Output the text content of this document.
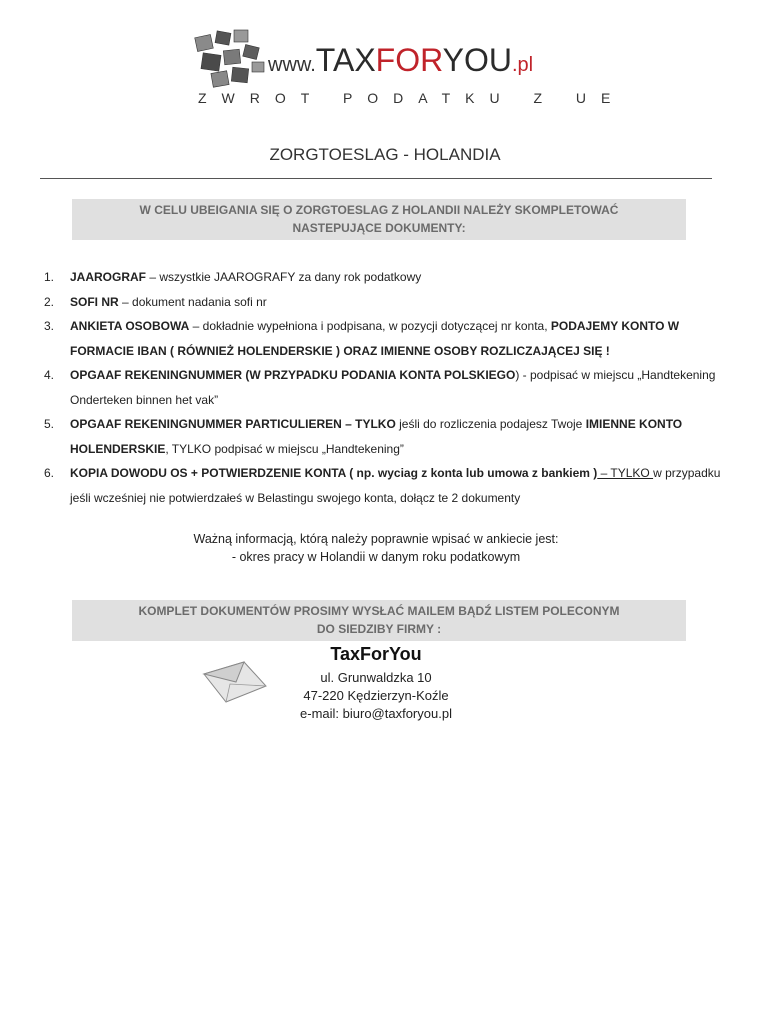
www.TAXFORYOU.pl
ZWROT PODATKU Z UE
ZORGTOESLAG - HOLANDIA
W CELU UBEIGANIA SIĘ O ZORGTOESLAG Z HOLANDII NALEŻY SKOMPLETOWAĆ
NASTEPUJĄCE DOKUMENTY:
1. JAAROGRAF – wszystkie JAAROGRAFY za dany rok podatkowy
2. SOFI NR – dokument nadania sofi nr
3. ANKIETA OSOBOWA – dokładnie wypełniona i podpisana, w pozycji dotyczącej nr konta, PODAJEMY KONTO W FORMACIE IBAN ( RÓWNIEŻ HOLENDERSKIE ) ORAZ IMIENNE OSOBY ROZLICZAJĄCEJ SIĘ !
4. OPGAAF REKENINGNUMMER (W PRZYPADKU PODANIA KONTA POLSKIEGO) - podpisać w miejscu „Handtekening Onderteken binnen het vak”
5. OPGAAF REKENINGNUMMER PARTICULIEREN – TYLKO jeśli do rozliczenia podajesz Twoje IMIENNE KONTO HOLENDERSKIE, TYLKO podpisać w miejscu „Handtekening”
6. KOPIA DOWODU OS + POTWIERDZENIE KONTA ( np. wyciag z konta lub umowa z bankiem ) – TYLKO w przypadku jeśli wcześniej nie potwierdzałeś w Belastingu swojego konta, dołącz te 2 dokumenty
Ważną informacją, którą należy poprawnie wpisać w ankiecie jest:
- okres pracy w Holandii w danym roku podatkowym
KOMPLET DOKUMENTÓW PROSIMY WYSŁAĆ MAILEM BĄDŹ LISTEM POLECONYM
DO SIEDZIBY FIRMY :
TaxForYou
ul. Grunwaldzka 10
47-220 Kędzierzyn-Koźle
e-mail: biuro@taxforyou.pl
